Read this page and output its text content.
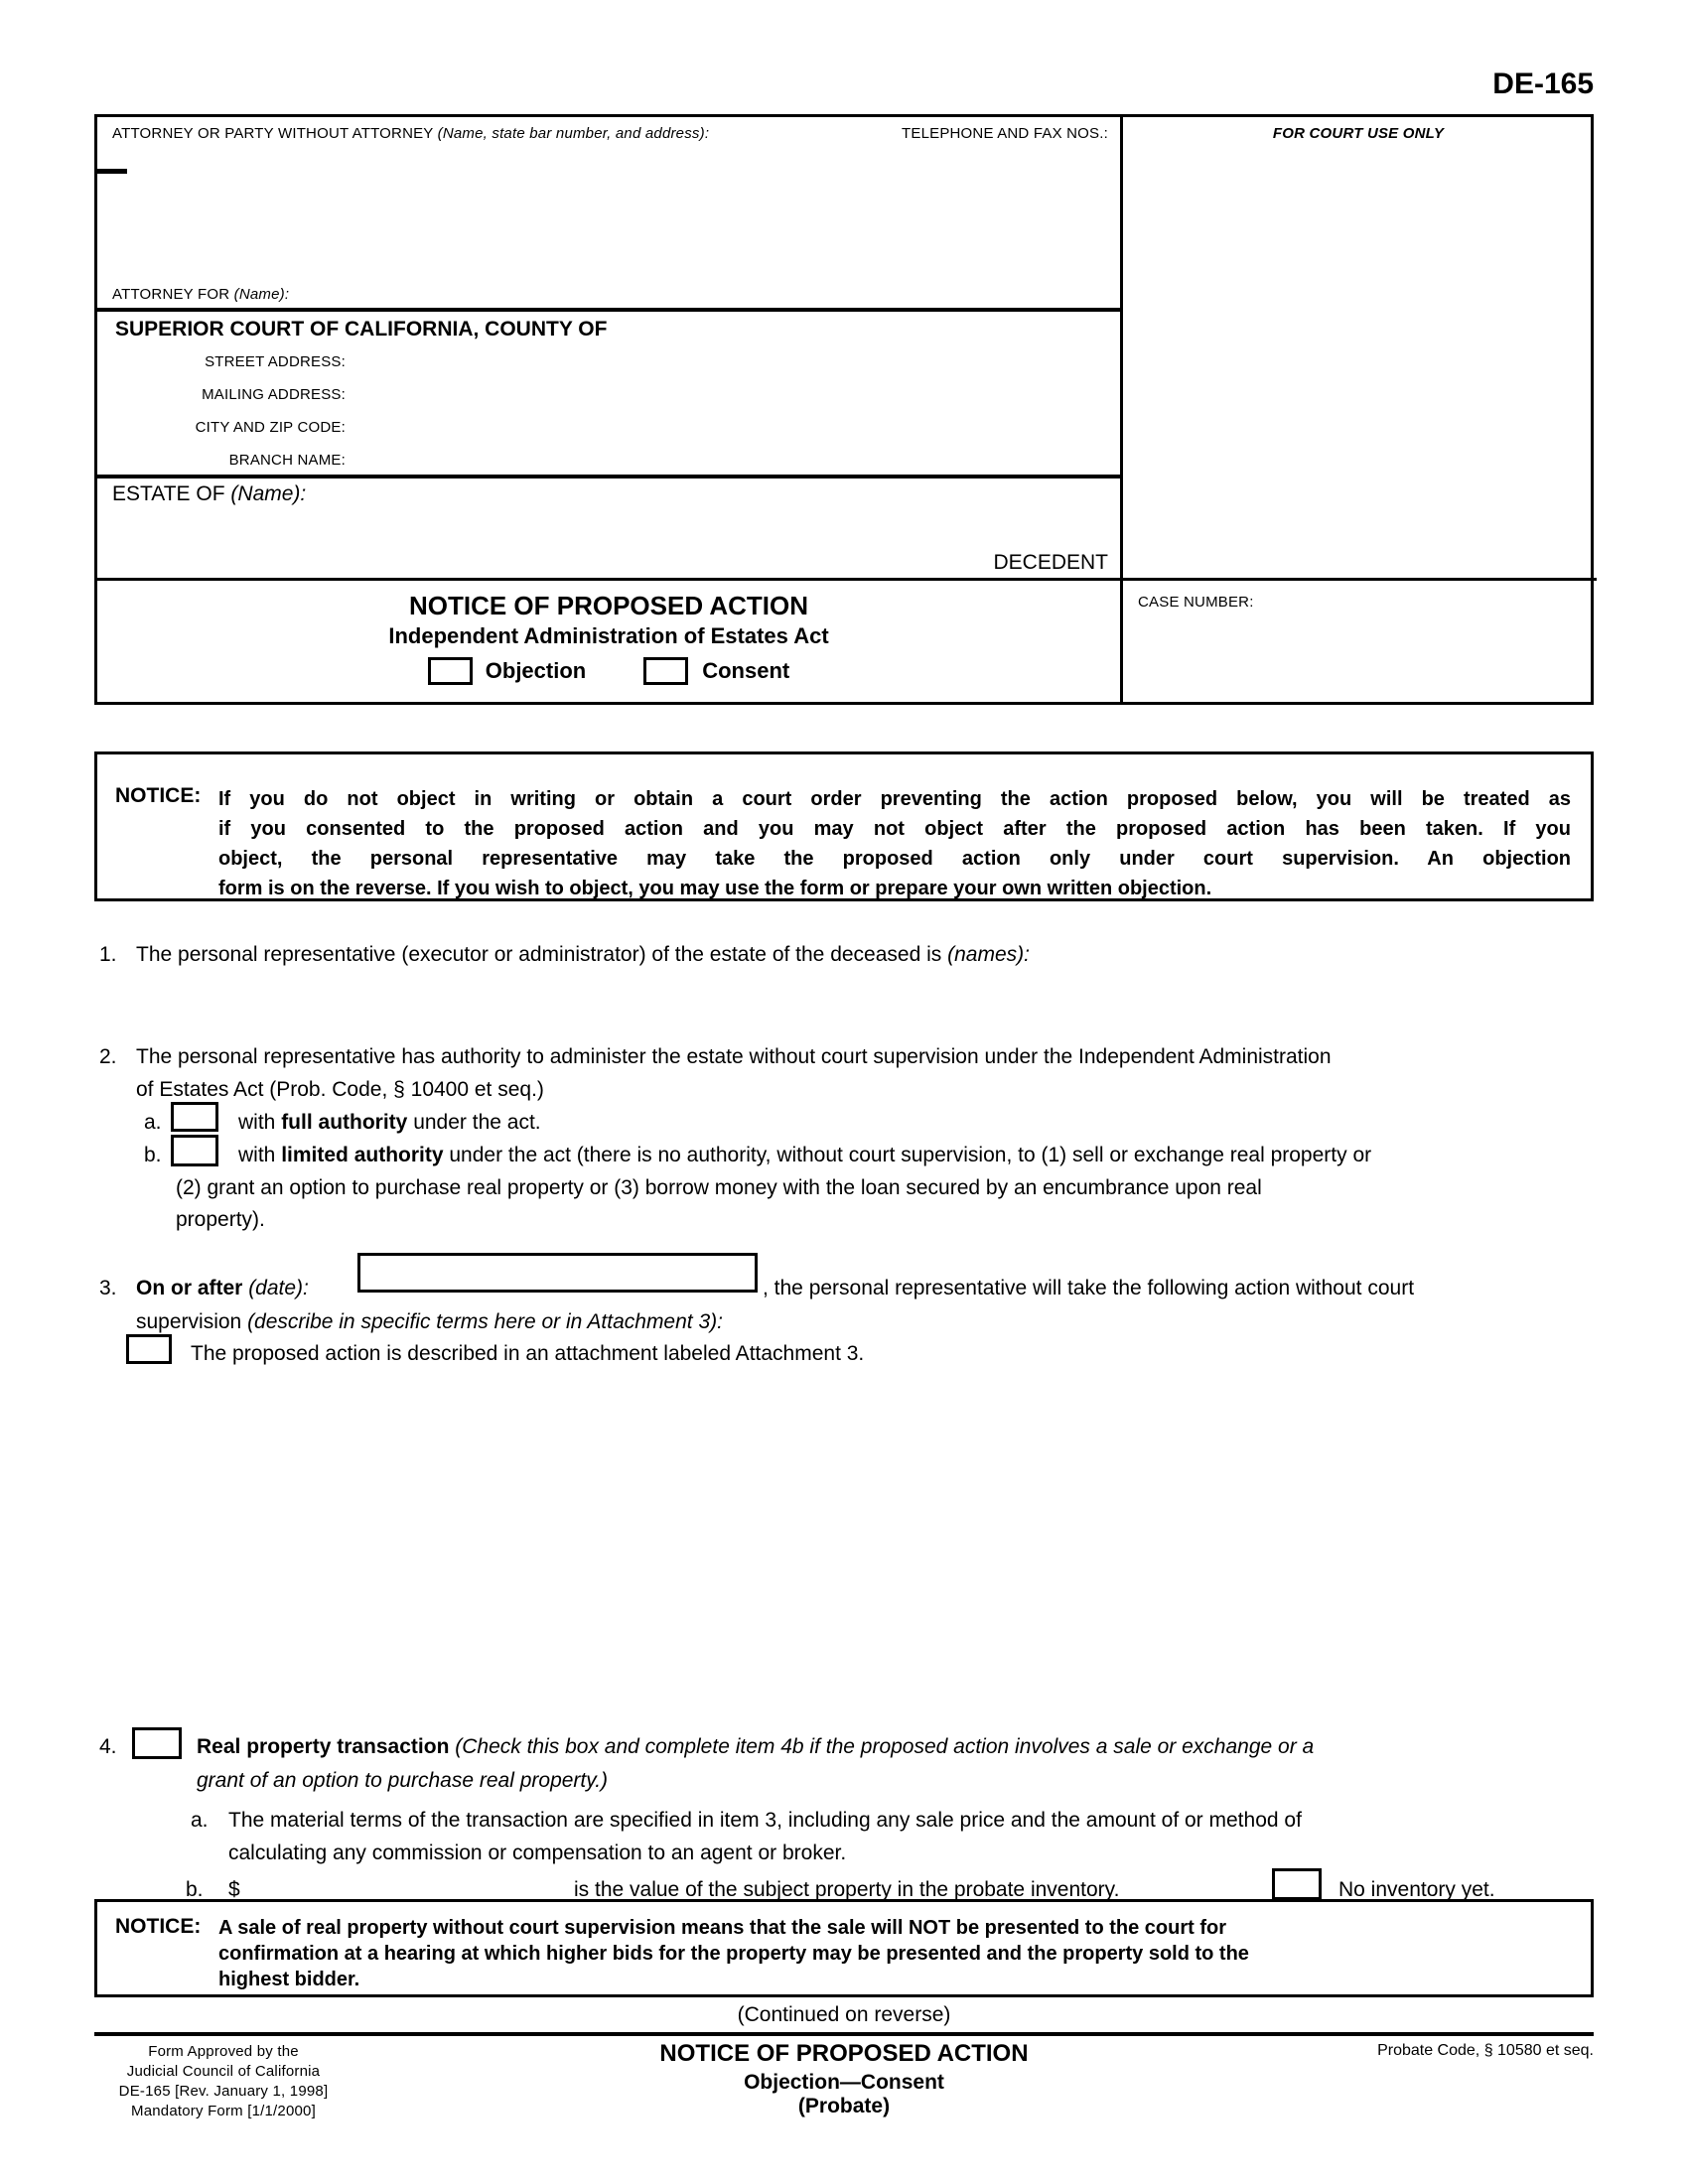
DE-165
ATTORNEY OR PARTY WITHOUT ATTORNEY (Name, state bar number, and address):	TELEPHONE AND FAX NOS.:
ATTORNEY FOR (Name):
FOR COURT USE ONLY
SUPERIOR COURT OF CALIFORNIA, COUNTY OF
STREET ADDRESS:
MAILING ADDRESS:
CITY AND ZIP CODE:
BRANCH NAME:
ESTATE OF (Name):
DECEDENT
NOTICE OF PROPOSED ACTION
Independent Administration of Estates Act
Objection	Consent
CASE NUMBER:
NOTICE: If you do not object in writing or obtain a court order preventing the action proposed below, you will be treated as
if you consented to the proposed action and you may not object after the proposed action has been taken. If you
object, the personal representative may take the proposed action only under court supervision. An objection
form is on the reverse. If you wish to object, you may use the form or prepare your own written objection.
1. The personal representative (executor or administrator) of the estate of the deceased is (names):
2. The personal representative has authority to administer the estate without court supervision under the Independent Administration
of Estates Act (Prob. Code, § 10400 et seq.)
a.	with full authority under the act.
b.	with limited authority under the act (there is no authority, without court supervision, to (1) sell or exchange real property or
(2) grant an option to purchase real property or (3) borrow money with the loan secured by an encumbrance upon real
property).
3. On or after (date):	, the personal representative will take the following action without court
supervision (describe in specific terms here or in Attachment 3):
The proposed action is described in an attachment labeled Attachment 3.
4.	Real property transaction (Check this box and complete item 4b if the proposed action involves a sale or exchange or a
grant of an option to purchase real property.)
a. The material terms of the transaction are specified in item 3, including any sale price and the amount of or method of
calculating any commission or compensation to an agent or broker.
b. $	is the value of the subject property in the probate inventory.	No inventory yet.
NOTICE: A sale of real property without court supervision means that the sale will NOT be presented to the court for
confirmation at a hearing at which higher bids for the property may be presented and the property sold to the
highest bidder.
(Continued on reverse)
Form Approved by the
Judicial Council of California
DE-165 [Rev. January 1, 1998]
Mandatory Form [1/1/2000]
NOTICE OF PROPOSED ACTION
Objection—Consent
(Probate)
Probate Code, § 10580 et seq.
